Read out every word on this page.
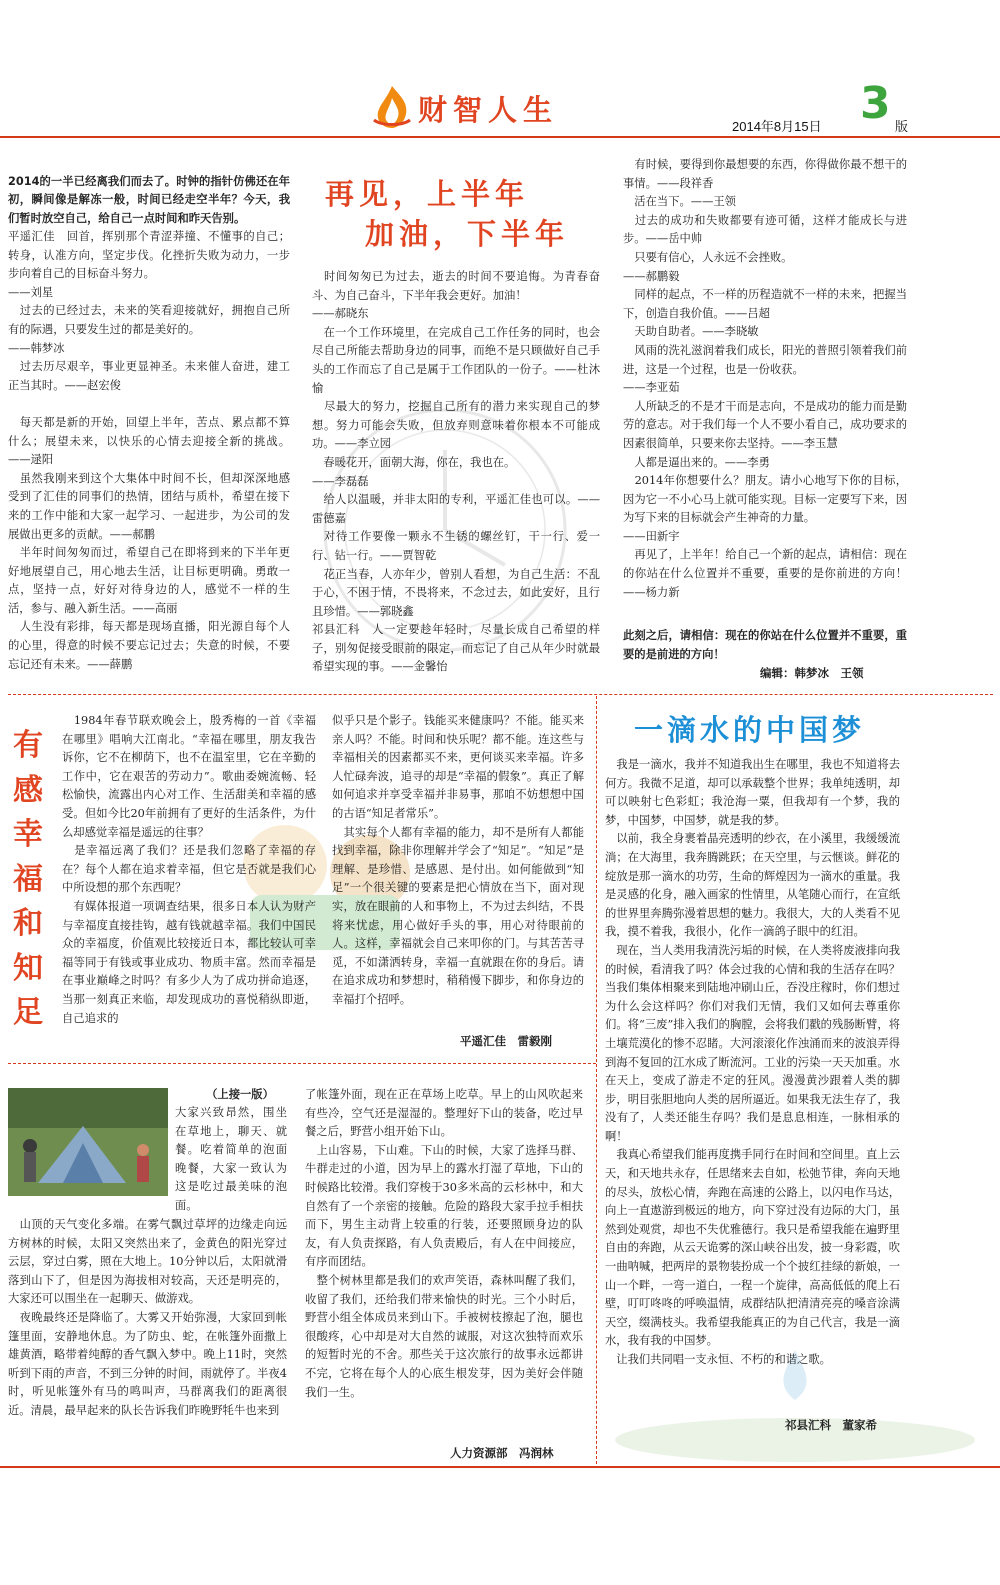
财智人生	2014年8月15日 3 版

2014的一半已经离我们而去了。时钟的指针仿佛还在年初，瞬间像是解冻一般，时间已经走空半年？今天，我们暂时放空自己，给自己一点时间和昨天告别。

平遥汇佳　回首，挥别那个青涩莽撞、不懂事的自己；转身，认准方向，坚定步伐。化挫折失败为动力，一步步向着自己的目标奋斗努力。
——刘星
　过去的已经过去，未来的笑看迎接就好，拥抱自己所有的际遇，只要发生过的都是美好的。
——韩梦冰
　过去历尽艰辛，事业更显神圣。未来催人奋进，建工正当其时。——赵宏俊

　每天都是新的开始，回望上半年，苦点、累点都不算什么；展望未来，以快乐的心情去迎接全新的挑战。——逯阳
　虽然我刚来到这个大集体中时间不长，但却深深地感受到了汇佳的同事们的热情，团结与质朴，希望在接下来的工作中能和大家一起学习、一起进步，为公司的发展做出更多的贡献。——郝鹏
　半年时间匆匆而过，希望自己在即将到来的下半年更好地展望自己，用心地去生活，让目标更明确。勇敢一点，坚持一点，好好对待身边的人，感觉不一样的生活，参与、融入新生活。——高丽
　人生没有彩排，每天都是现场直播，阳光源自每个人的心里，得意的时候不要忘记过去；失意的时候，不要忘记还有未来。——薛鹏
再见，上半年
加油，下半年
　时间匆匆已为过去，逝去的时间不要追悔。为青春奋斗、为自己奋斗，下半年我会更好。加油！
——郝晓东
　在一个工作环境里，在完成自己工作任务的同时，也会尽自己所能去帮助身边的同事，而绝不是只顾做好自己手头的工作而忘了自己是属于工作团队的一份子。——杜沐愉
　尽最大的努力，挖掘自己所有的潜力来实现自己的梦想。努力可能会失败，但放弃则意味着你根本不可能成功。——李立园
　春暖花开，面朝大海，你在，我也在。
——李磊磊
　给人以温暖，并非太阳的专利，平遥汇佳也可以。——雷德嘉
　对待工作要像一颗永不生锈的螺丝钉，干一行、爱一行、钻一行。——贾智乾
　花正当春，人亦年少，曾别人看想，为自己生活：不乱于心，不困于情，不畏将来，不念过去，如此安好，且行且珍惜。——郭晓鑫
祁县汇科　人一定要趁年轻时，尽量长成自己希望的样子，别匆促接受眼前的限定，而忘记了自己从年少时就最希望实现的事。——金馨怡
　有时候，要得到你最想要的东西，你得做你最不想干的事情。——段祥香
　活在当下。——王领
　过去的成功和失败都要有迹可循，这样才能成长与进步。——岳中帅
　只要有信心，人永远不会挫败。
——郝鹏毅
　同样的起点，不一样的历程造就不一样的未来，把握当下，创造自我价值。——吕超
　天助自助者。——李晓敏
　风雨的洗礼滋润着我们成长，阳光的普照引领着我们前进，这是一个过程，也是一份收获。
——李亚茹
　人所缺乏的不是才干而是志向，不是成功的能力而是勤劳的意志。对于我们每一个人不要小看自己，成功要求的因素很简单，只要来你去坚持。——李玉慧
　人都是逼出来的。——李勇
　2014年你想要什么？朋友。请小心地写下你的目标，因为它一不小心马上就可能实现。目标一定要写下来，因为写下来的目标就会产生神奇的力量。
——田新宇
　再见了，上半年！给自己一个新的起点，请相信：现在的你站在什么位置并不重要，重要的是你前进的方向！——杨力新
此刻之后，请相信：现在的你站在什么位置并不重要，重要的是前进的方向！
编辑：韩梦冰　王领
有
感
幸
福
和
知
足
　1984年春节联欢晚会上，殷秀梅的一首《幸福在哪里》唱响大江南北。“幸福在哪里，朋友我告诉你，它不在柳荫下，也不在温室里，它在辛勤的工作中，它在艰苦的劳动力”。歌曲委婉流畅、轻松愉快，流露出内心对工作、生活甜美和幸福的感受。但如今比20年前拥有了更好的生活条件，为什么却感觉幸福是遥远的往事？
　是幸福远离了我们？还是我们忽略了幸福的存在？每个人都在追求着幸福，但它是否就是我们心中所设想的那个东西呢？
　有媒体报道一项调查结果，很多日本人认为财产与幸福度直接挂钩，越有钱就越幸福。我们中国民众的幸福度，价值观比较接近日本，都比较认可幸福等同于有钱或事业成功、物质丰富。然而幸福是在事业巅峰之时吗？有多少人为了成功拼命追逐，当那一刻真正来临，却发现成功的喜悦稍纵即逝，自己追求的
似乎只是个影子。钱能买来健康吗？不能。能买来亲人吗？不能。时间和快乐呢？都不能。连这些与幸福相关的因素都买不来，更何谈买来幸福。许多人忙碌奔波，追寻的却是“幸福的假象”。真正了解如何追求并享受幸福并非易事，那咱不妨想想中国的古语“知足者常乐”。
　其实每个人都有幸福的能力，却不是所有人都能找到幸福，除非你理解并学会了“知足”。“知足”是理解、是珍惜、是感恩、是付出。如何能做到“知足”一个很关键的要素是把心情放在当下，面对现实，放在眼前的人和事物上，不为过去纠结，不畏将来忧虑，用心做好手头的事，用心对待眼前的人。这样，幸福就会自己来叩你的门。与其苦苦寻觅，不如潇洒转身，幸福一直就跟在你的身后。请在追求成功和梦想时，稍稍慢下脚步，和你身边的幸福打个招呼。
平遥汇佳　雷毅刚
一滴水的中国梦
　我是一滴水，我并不知道我出生在哪里，我也不知道将去何方。我微不足道，却可以承载整个世界；我单纯透明，却可以映射七色彩虹；我沧海一粟，但我却有一个梦，我的梦，中国梦，中国梦，就是我的梦。
　以前，我全身裹着晶亮透明的纱衣，在小溪里，我缓缓流淌；在大海里，我奔腾跳跃；在天空里，与云惬谈。鲜花的绽放是那一滴水的功劳，生命的辉煌因为一滴水的重量。我是灵感的化身，融入画家的性情里，从笔随心而行，在宣纸的世界里奔腾弥漫着思想的魅力。我很大，大的人类看不见我，摸不着我，我很小，化作一滴鸽子眼中的红泪。
　现在，当人类用我清洗污垢的时候，在人类将废液排向我的时候，看清我了吗？体会过我的心情和我的生活存在吗？当我们集体相聚来到陆地冲刷山丘，吞没庄稼时，你们想过为什么会这样吗？你们对我们无情，我们又如何去尊重你们。将“三废”排入我们的胸膛，会将我们戳的残肠断臂，将土壤荒漠化的惨不忍睹。大河滚滚化作浊涌而来的波浪弄得到海不复回的江水成了断流河。工业的污染一天天加重。水在天上，变成了游走不定的狂风。漫漫黄沙跟着人类的脚步，明目张胆地向人类的居所逼近。如果我无法生存了，我没有了，人类还能生存吗？我们是息息相连，一脉相承的啊！
　我真心希望我们能再度携手同行在时间和空间里。直上云天，和天地共永存，任思绪来去自如，松弛节律，奔向天地的尽头，放松心情，奔跑在高速的公路上，以闪电作马达，向上一直遨游到极远的地方，向下穿过没有边际的大门，虽然到处观赏，却也不失优雅德行。我只是希望我能在遍野里自由的奔跑，从云天诡雾的深山峡谷出发，披一身彩霞，吹一曲呐喊，把两岸的景物装扮成一个个披红挂绿的新娘，一山一个畔，一弯一道白，一程一个旋律，高高低低的爬上石壁，叮叮咚咚的呼唤温情，成群结队把清清亮亮的嗓音涂满天空，缀满枝头。我希望我能真正的为自己代言，我是一滴水，我有我的中国梦。
　让我们共同唱一支永恒、不朽的和谐之歌。
祁县汇科　董家希
（上接一版）
大家兴致昂然，围坐在草地上，聊天、就餐。吃着简单的泡面晚餐，大家一致认为这是吃过最美味的泡面。
　山顶的天气变化多端。在雾气飘过草坪的边缘走向远方树林的时候，太阳又突然出来了，金黄色的阳光穿过云层，穿过白雾，照在大地上。10分钟以后，太阳就滑落到山下了，但是因为海拔相对较高，天还是明亮的，大家还可以围坐在一起聊天、做游戏。
　夜晚最终还是降临了。大雾又开始弥漫，大家回到帐篷里面，安静地休息。为了防虫、蛇，在帐篷外面撒上雄黄酒，略带着纯醇的香气飘入梦中。晚上11时，突然听到下雨的声音，不到三分钟的时间，雨就停了。半夜4时，听见帐篷外有马的鸣叫声，马群离我们的距离很近。清晨，最早起来的队长告诉我们昨晚野牦牛也来到
了帐篷外面，现在正在草场上吃草。早上的山风吹起来有些冷，空气还是湿湿的。整理好下山的装备，吃过早餐之后，野营小组开始下山。
　上山容易，下山难。下山的时候，大家了选择马群、牛群走过的小道，因为早上的露水打湿了草地，下山的时候路比较滑。我们穿梭于30多米高的云杉林中，和大自然有了一个亲密的接触。危险的路段大家手拉手相扶而下，男生主动背上较重的行装，还要照顾身边的队友，有人负责探路，有人负责殿后，有人在中间接应，有序而团结。
　整个树林里都是我们的欢声笑语，森林叫醒了我们，收留了我们，还给我们带来愉快的时光。三个小时后，野营小组全体成员来到山下。手被树枝擦起了泡，腿也很酸疼，心中却是对大自然的诚服，对这次独特而欢乐的短暂时光的不舍。那些关于这次旅行的故事永远都讲不完，它将在每个人的心底生根发芽，因为美好会伴随我们一生。
人力资源部　冯润林
